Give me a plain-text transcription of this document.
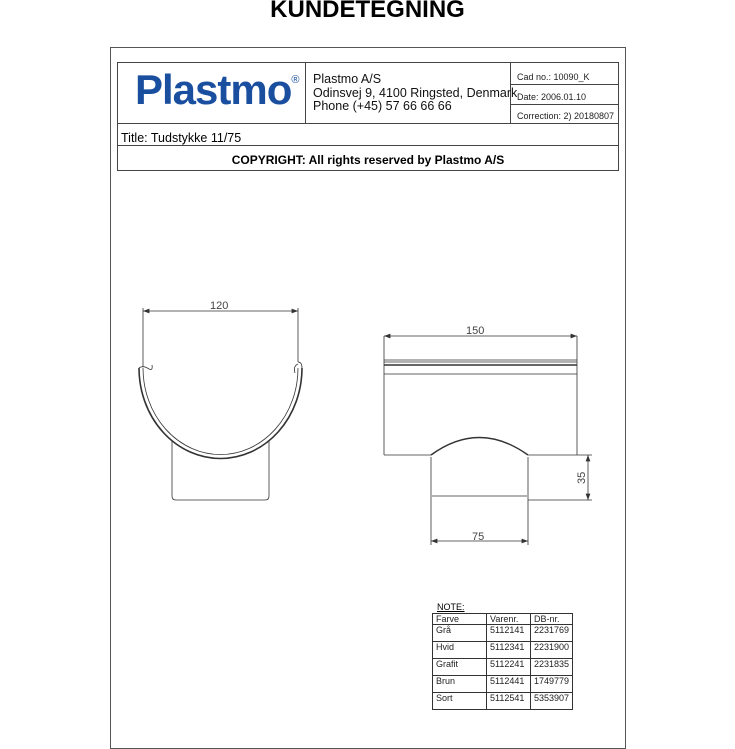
KUNDETEGNING
Plastmo® Plastmo A/S
Odinsvej 9, 4100 Ringsted, Denmark
Phone (+45) 57 66 66 66
Cad no.: 10090_K
Date: 2006.01.10
Correction: 2) 20180807
Title: Tudstykke 11/75
COPYRIGHT: All rights reserved by Plastmo A/S
120
150
75
35
NOTE:
Farve	Varenr.	DB-nr.
Grå	5112141	2231769
Hvid	5112341	2231900
Grafit	5112241	2231835
Brun	5112441	1749779
Sort	5112541	5353907
